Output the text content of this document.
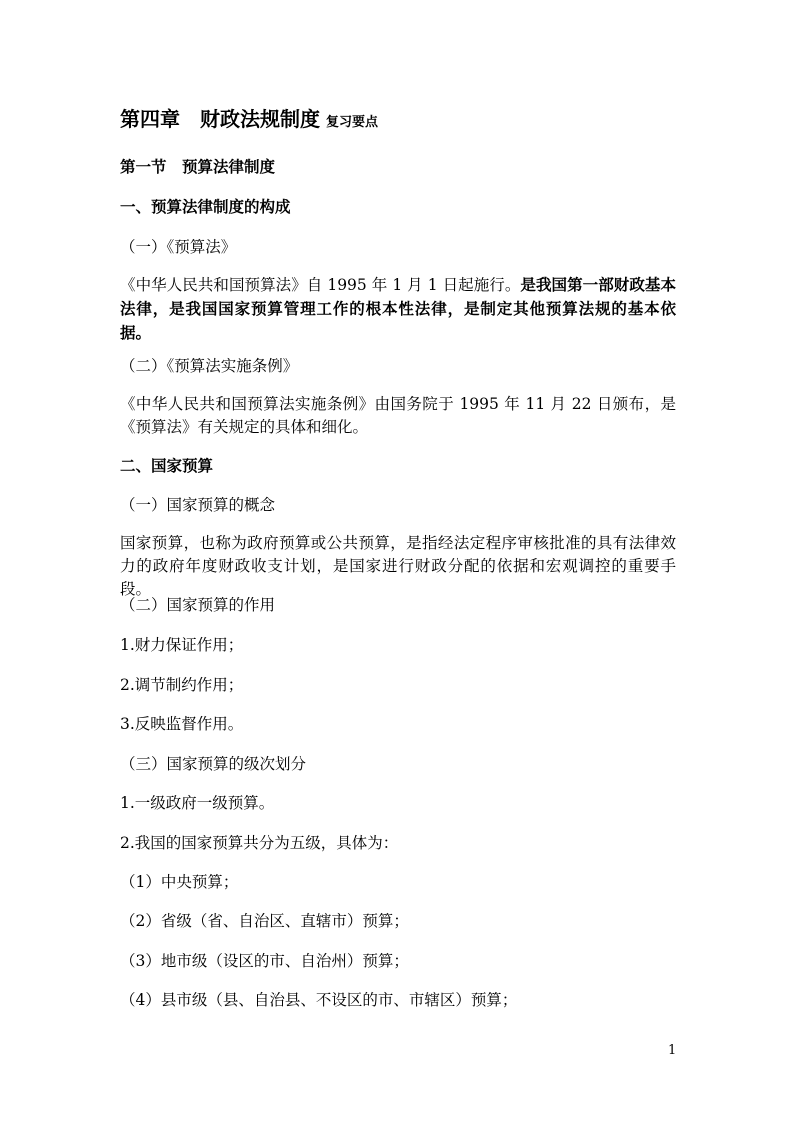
第四章　财政法规制度 复习要点
第一节　预算法律制度
一、预算法律制度的构成
（一）《预算法》
《中华人民共和国预算法》自 1995 年 1 月 1 日起施行。是我国第一部财政基本法律，是我国国家预算管理工作的根本性法律，是制定其他预算法规的基本依据。
（二）《预算法实施条例》
《中华人民共和国预算法实施条例》由国务院于 1995 年 11 月 22 日颁布，是《预算法》有关规定的具体和细化。
二、国家预算
（一）国家预算的概念
国家预算，也称为政府预算或公共预算，是指经法定程序审核批准的具有法律效力的政府年度财政收支计划，是国家进行财政分配的依据和宏观调控的重要手段。
（二）国家预算的作用
1.财力保证作用；
2.调节制约作用；
3.反映监督作用。
（三）国家预算的级次划分
1.一级政府一级预算。
2.我国的国家预算共分为五级，具体为：
（1）中央预算；
（2）省级（省、自治区、直辖市）预算；
（3）地市级（设区的市、自治州）预算；
（4）县市级（县、自治县、不设区的市、市辖区）预算；
1
